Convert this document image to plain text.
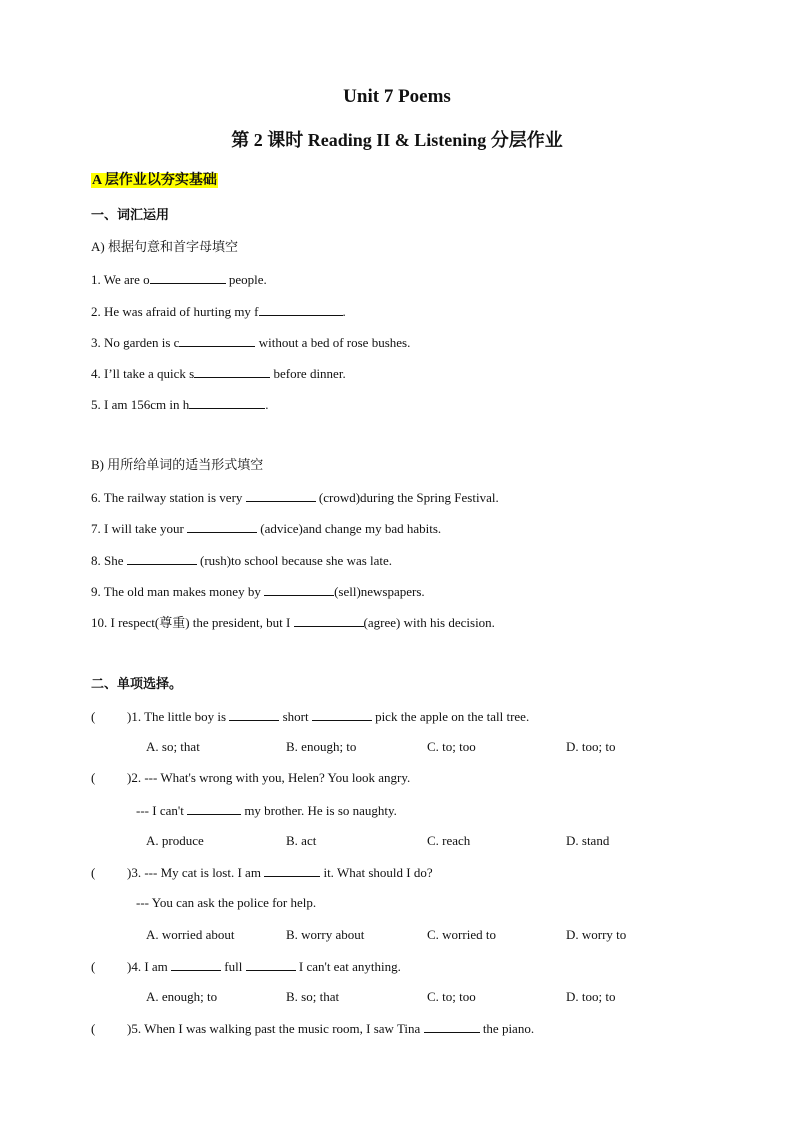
Unit 7 Poems
第 2 课时 Reading II & Listening 分层作业
A 层作业以夯实基础
一、词汇运用
A) 根据句意和首字母填空
1. We are o	people.
2. He was afraid of hurting my f	.
3. No garden is c	without a bed of rose bushes.
4. I’ll take a quick s	before dinner.
5. I am 156cm in h	.
B) 用所给单词的适当形式填空
6. The railway station is very	(crowd)during the Spring Festival.
7. I will take your	(advice)and change my bad habits.
8. She	(rush)to school because she was late.
9. The old man makes money by	(sell)newspapers.
10. I respect(尊重) the president, but I	(agree) with his decision.
二、单项选择。
( )1. The little boy is	short	pick the apple on the tall tree.
A. so; that	B. enough; to	C. to; too	D. too; to
( )2. --- What's wrong with you, Helen? You look angry.
--- I can't	my brother. He is so naughty.
A. produce	B. act	C. reach	D. stand
( )3. --- My cat is lost. I am	it. What should I do?
--- You can ask the police for help.
A. worried about	B. worry about	C. worried to	D. worry to
( )4. I am	full	I can't eat anything.
A. enough; to	B. so; that	C. to; too	D. too; to
( )5. When I was walking past the music room, I saw Tina	the piano.
